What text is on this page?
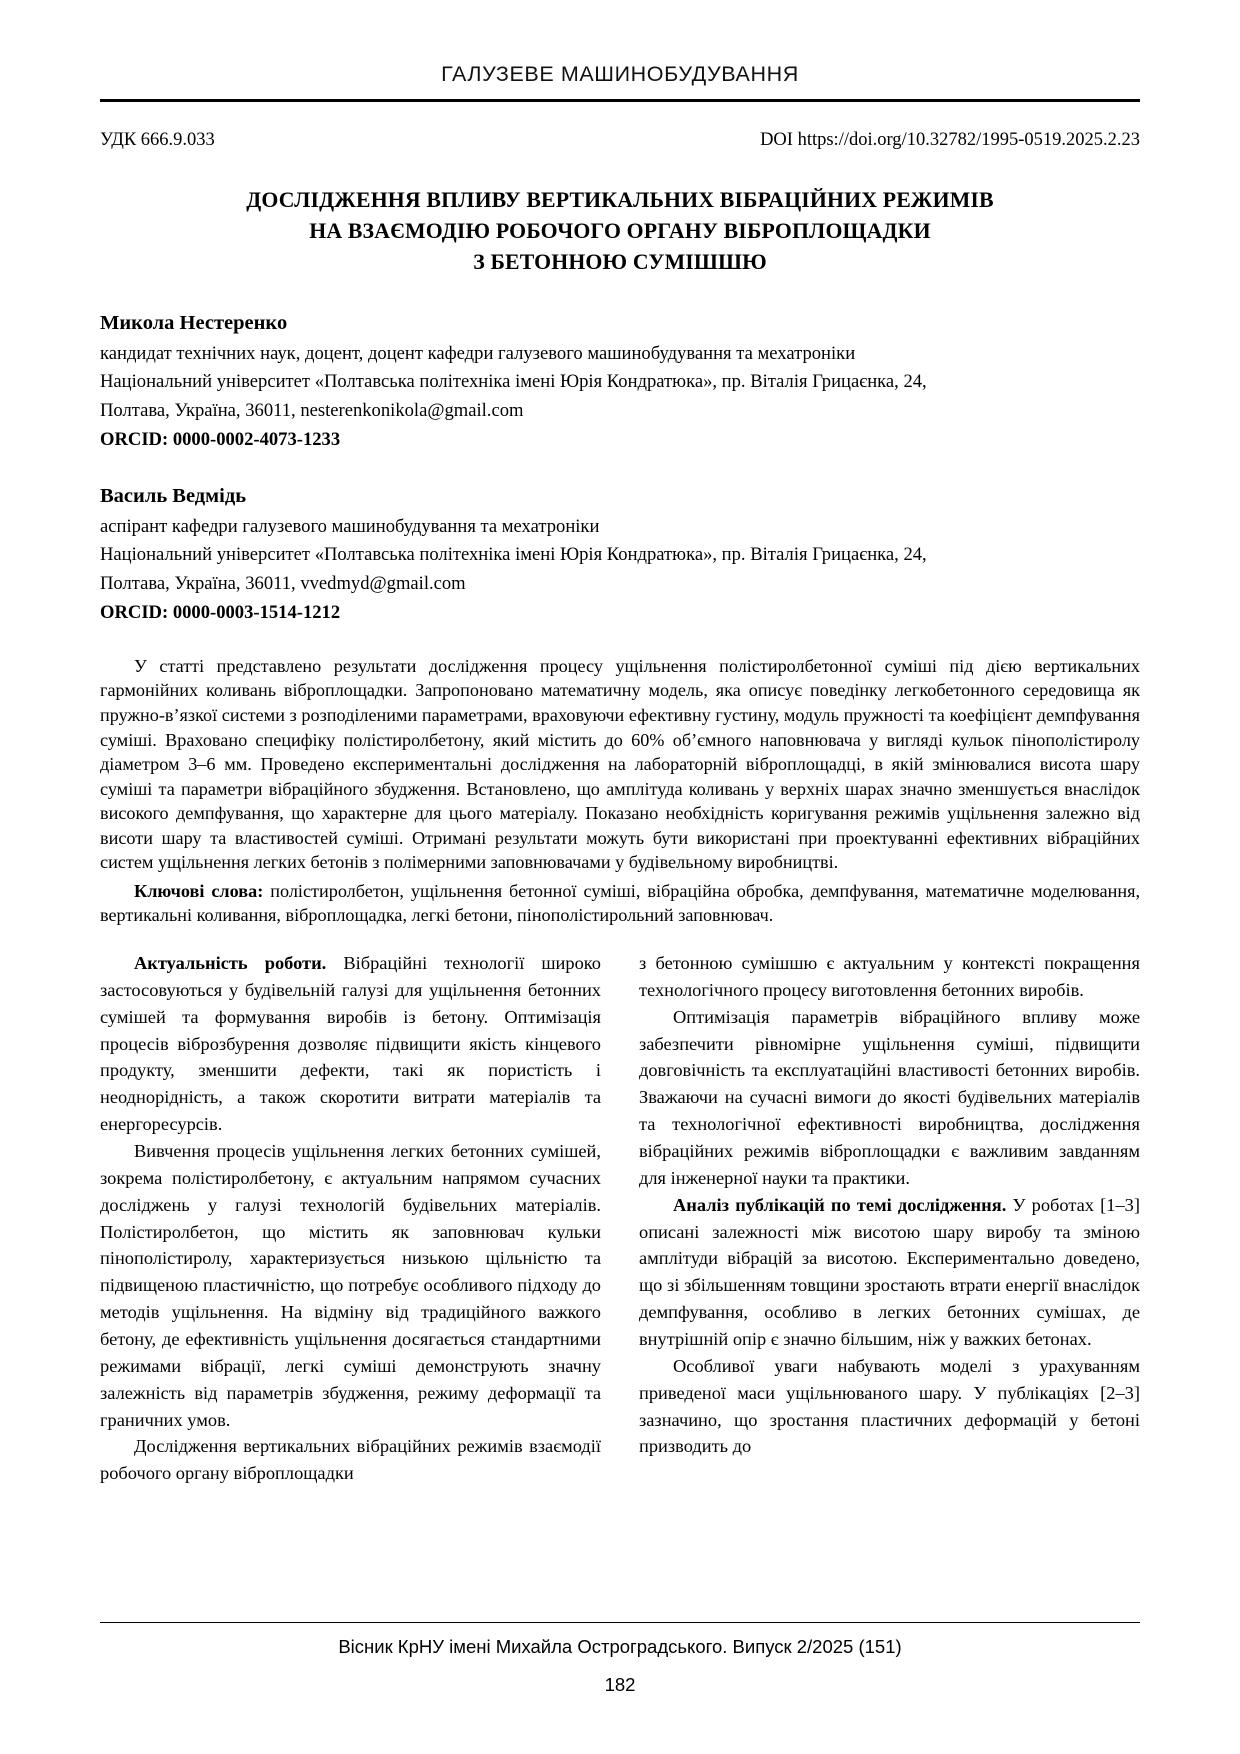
ГАЛУЗЕВЕ МАШИНОБУДУВАННЯ
УДК 666.9.033	DOI https://doi.org/10.32782/1995-0519.2025.2.23
ДОСЛІДЖЕННЯ ВПЛИВУ ВЕРТИКАЛЬНИХ ВІБРАЦІЙНИХ РЕЖИМІВ
НА ВЗАЄМОДІЮ РОБОЧОГО ОРГАНУ ВІБРОПЛОЩАДКИ
З БЕТОННОЮ СУМІШШЮ
Микола Нестеренко
кандидат технічних наук, доцент, доцент кафедри галузевого машинобудування та мехатроніки
Національний університет «Полтавська політехніка імені Юрія Кондратюка», пр. Віталія Грицаєнка, 24,
Полтава, Україна, 36011, nesterenkonikola@gmail.com
ORCID: 0000-0002-4073-1233
Василь Ведмідь
аспірант кафедри галузевого машинобудування та мехатроніки
Національний університет «Полтавська політехніка імені Юрія Кондратюка», пр. Віталія Грицаєнка, 24,
Полтава, Україна, 36011, vvedmyd@gmail.com
ORCID: 0000-0003-1514-1212
У статті представлено результати дослідження процесу ущільнення полістиролбетонної суміші під дією вертикальних гармонійних коливань віброплощадки. Запропоновано математичну модель, яка описує поведінку легкобетонного середовища як пружно-в’язкої системи з розподіленими параметрами, враховуючи ефективну густину, модуль пружності та коефіцієнт демпфування суміші. Враховано специфіку полістиролбетону, який містить до 60% об’ємного наповнювача у вигляді кульок пінополістиролу діаметром 3–6 мм. Проведено експериментальні дослідження на лабораторній віброплощадці, в якій змінювалися висота шару суміші та параметри вібраційного збудження. Встановлено, що амплітуда коливань у верхніх шарах значно зменшується внаслідок високого демпфування, що характерне для цього матеріалу. Показано необхідність коригування режимів ущільнення залежно від висоти шару та властивостей суміші. Отримані результати можуть бути використані при проектуванні ефективних вібраційних систем ущільнення легких бетонів з полімерними заповнювачами у будівельному виробництві.
Ключові слова: полістиролбетон, ущільнення бетонної суміші, вібраційна обробка, демпфування, математичне моделювання, вертикальні коливання, віброплощадка, легкі бетони, пінополістирольний заповнювач.

Актуальність роботи. Вібраційні технології широко застосовуються у будівельній галузі для ущільнення бетонних сумішей та формування виробів із бетону. Оптимізація процесів віброзбурення дозволяє підвищити якість кінцевого продукту, зменшити дефекти, такі як пористість і неоднорідність, а також скоротити витрати матеріалів та енергоресурсів.

Вивчення процесів ущільнення легких бетонних сумішей, зокрема полістиролбетону, є актуальним напрямом сучасних досліджень у галузі технологій будівельних матеріалів. Полістиролбетон, що містить як заповнювач кульки пінополістиролу, характеризується низькою щільністю та підвищеною пластичністю, що потребує особливого підходу до методів ущільнення. На відміну від традиційного важкого бетону, де ефективність ущільнення досягається стандартними режимами вібрації, легкі суміші демонструють значну залежність від параметрів збудження, режиму деформації та граничних умов.

Дослідження вертикальних вібраційних режимів взаємодії робочого органу віброплощадки

з бетонною сумішшю є актуальним у контексті покращення технологічного процесу виготовлення бетонних виробів.

Оптимізація параметрів вібраційного впливу може забезпечити рівномірне ущільнення суміші, підвищити довговічність та експлуатаційні властивості бетонних виробів. Зважаючи на сучасні вимоги до якості будівельних матеріалів та технологічної ефективності виробництва, дослідження вібраційних режимів віброплощадки є важливим завданням для інженерної науки та практики.

Аналіз публікацій по темі дослідження. У роботах [1–3] описані залежності між висотою шару виробу та зміною амплітуди вібрацій за висотою. Експериментально доведено, що зі збільшенням товщини зростають втрати енергії внаслідок демпфування, особливо в легких бетонних сумішах, де внутрішній опір є значно більшим, ніж у важких бетонах.

Особливої уваги набувають моделі з урахуванням приведеної маси ущільнюваного шару. У публікаціях [2–3] зазначино, що зростання пластичних деформацій у бетоні призводить до

Вісник КрНУ імені Михайла Остроградського. Випуск 2/2025 (151)
182
